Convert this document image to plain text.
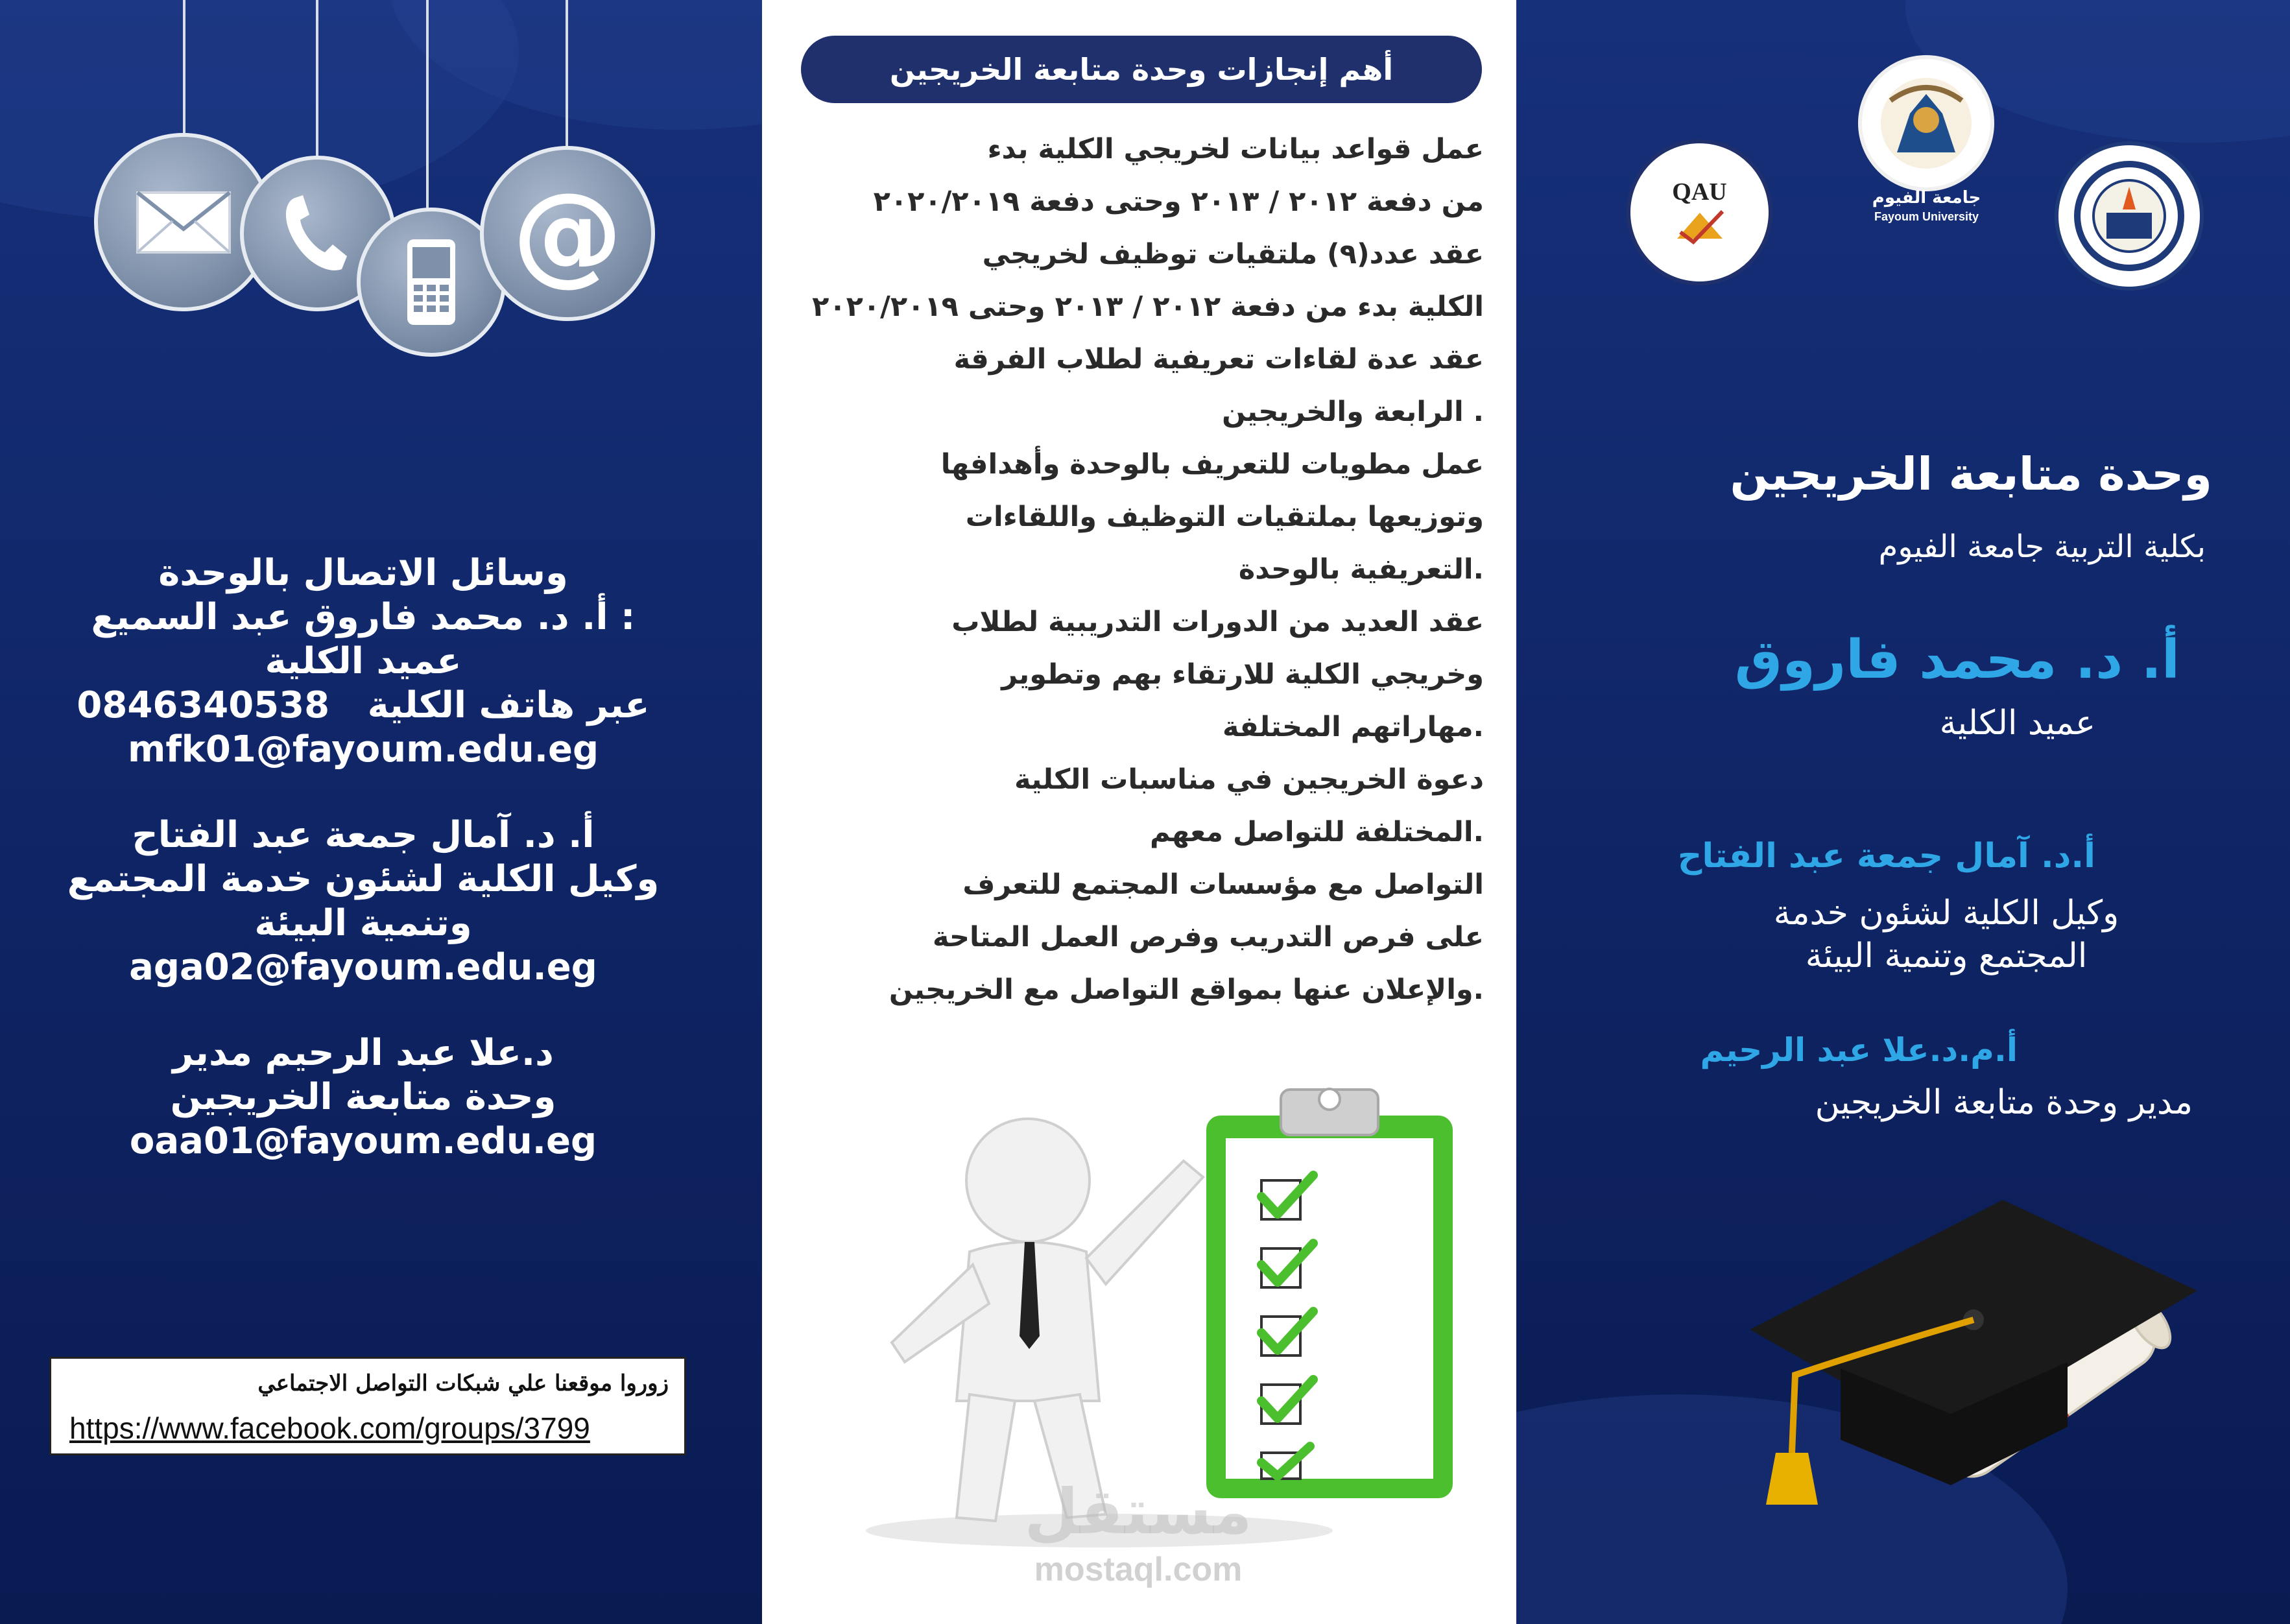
@
وسائل الاتصال بالوحدة
: أ. د. محمد فاروق عبد السميع
عميد الكلية
عبر هاتف الكلية   0846340538
mfk01@fayoum.edu.eg
أ. د. آمال جمعة عبد الفتاح
وكيل الكلية لشئون خدمة المجتمع
وتنمية البيئة
aga02@fayoum.edu.eg
د.علا عبد الرحيم مدير
وحدة متابعة الخريجين
oaa01@fayoum.edu.eg
زوروا موقعنا علي شبكات التواصل الاجتماعي
https://www.facebook.com/groups/3799
أهم إنجازات وحدة متابعة الخريجين
عمل قواعد بيانات لخريجي الكلية بدء
من دفعة ٢٠١٢ / ٢٠١٣ وحتى دفعة ٢٠٢٠/٢٠١٩
عقد عدد(٩) ملتقيات توظيف لخريجي
الكلية بدء من دفعة ٢٠١٢ / ٢٠١٣ وحتى ٢٠٢٠/٢٠١٩
عقد عدة لقاءات تعريفية لطلاب الفرقة
. الرابعة والخريجين
عمل مطويات للتعريف بالوحدة وأهدافها
وتوزيعها بملتقيات التوظيف واللقاءات
.التعريفية بالوحدة
عقد العديد من الدورات التدريبية لطلاب
وخريجي الكلية للارتقاء بهم وتطوير
.مهاراتهم المختلفة
دعوة الخريجين في مناسبات الكلية
.المختلفة للتواصل معهم
التواصل مع مؤسسات المجتمع للتعرف
على فرص التدريب وفرص العمل المتاحة
.والإعلان عنها بمواقع التواصل مع الخريجين
مستقل
mostaql.com
QAU	جامعة الفيوم
Fayoum University
وحدة متابعة الخريجين
بكلية التربية جامعة الفيوم
أ. د. محمد فاروق
عميد الكلية
أ.د. آمال جمعة عبد الفتاح
وكيل الكلية لشئون خدمة
المجتمع وتنمية البيئة
أ.م.د.علا عبد الرحيم
مدير وحدة متابعة الخريجين
